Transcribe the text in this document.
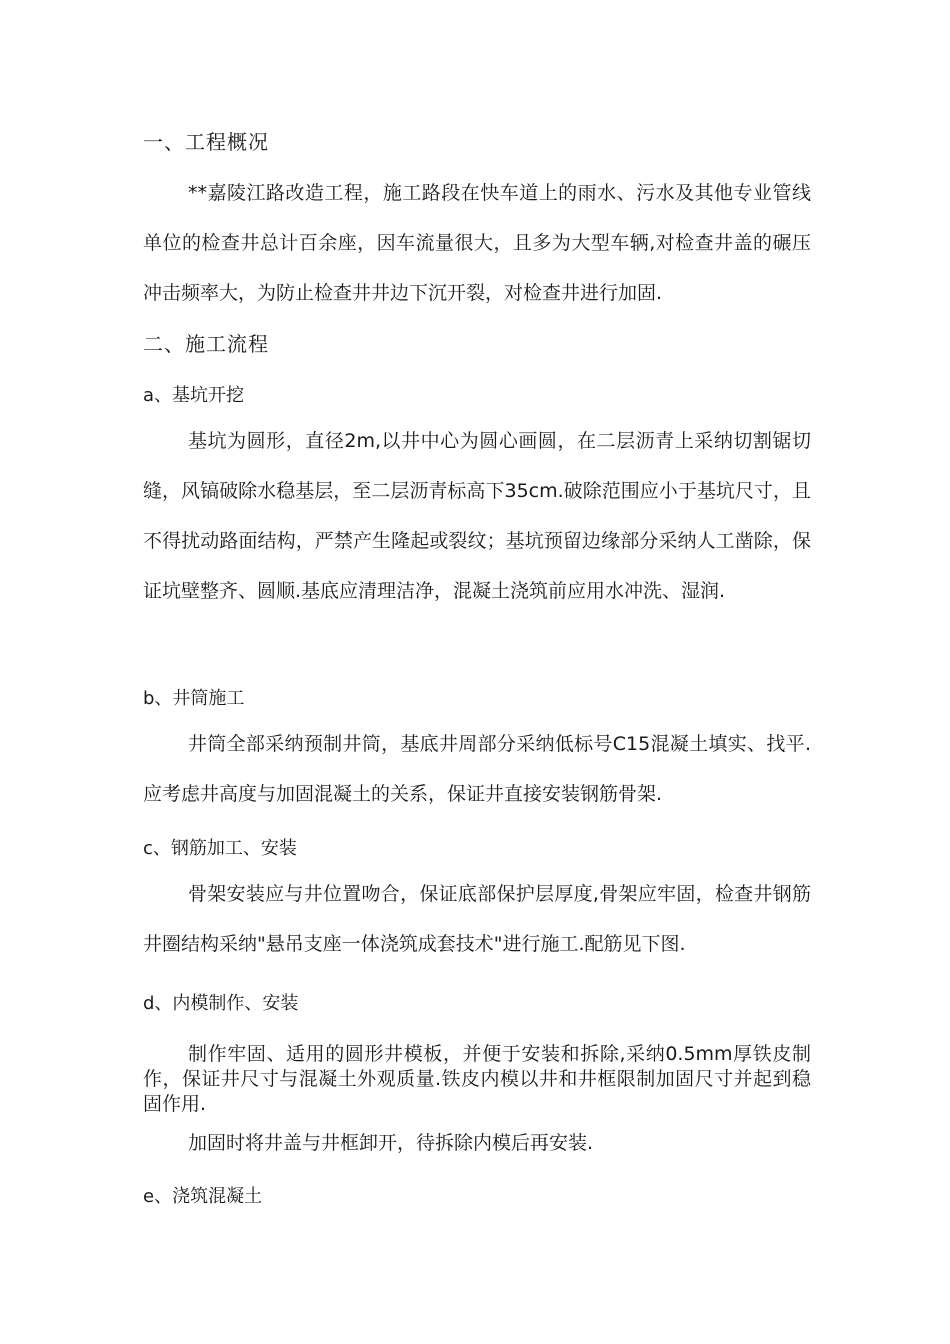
一、工程概况

**嘉陵江路改造工程，施工路段在快车道上的雨水、污水及其他专业管线单位的检查井总计百余座，因车流量很大，且多为大型车辆,对检查井盖的碾压冲击频率大，为防止检查井井边下沉开裂，对检查井进行加固.

二、施工流程
a、基坑开挖

基坑为圆形，直径2m,以井中心为圆心画圆，在二层沥青上采纳切割锯切缝，风镐破除水稳基层，至二层沥青标高下35cm.破除范围应小于基坑尺寸，且不得扰动路面结构，严禁产生隆起或裂纹；基坑预留边缘部分采纳人工凿除，保证坑壁整齐、圆顺.基底应清理洁净，混凝土浇筑前应用水冲洗、湿润.

b、井筒施工

井筒全部采纳预制井筒，基底井周部分采纳低标号C15混凝土填实、找平.应考虑井高度与加固混凝土的关系，保证井直接安装钢筋骨架.

c、钢筋加工、安装

骨架安装应与井位置吻合，保证底部保护层厚度,骨架应牢固，检查井钢筋井圈结构采纳"悬吊支座一体浇筑成套技术"进行施工.配筋见下图.

d、内模制作、安装

制作牢固、适用的圆形井模板，并便于安装和拆除,采纳0.5mm厚铁皮制作，保证井尺寸与混凝土外观质量.铁皮内模以井和井框限制加固尺寸并起到稳固作用.

加固时将井盖与井框卸开，待拆除内模后再安装.

e、浇筑混凝土
